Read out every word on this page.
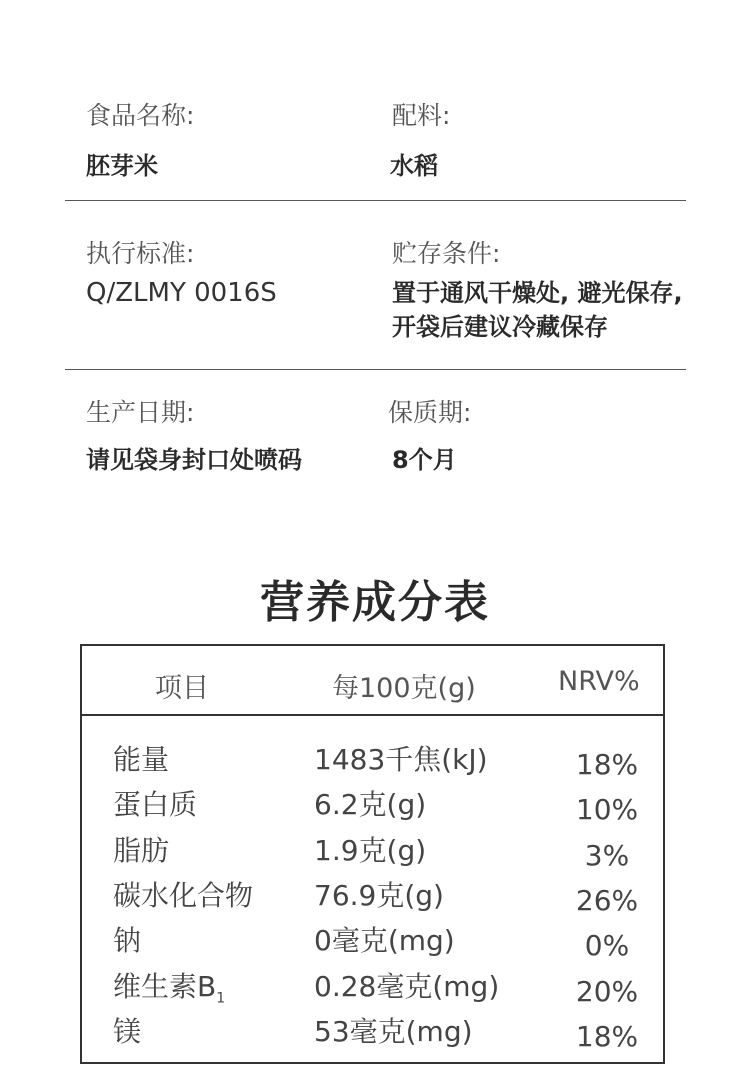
食品名称:
胚芽米
配料:
水稻
执行标准:
Q/ZLMY 0016S
贮存条件:
置于通风干燥处, 避光保存,
开袋后建议冷藏保存
生产日期:
请见袋身封口处喷码
保质期:
8个月
营养成分表
项目	每100克(g)	NRV%
能量	1483千焦(kJ)	18%
蛋白质	6.2克(g)	10%
脂肪	1.9克(g)	3%
碳水化合物 76.9克(g)	26%
钠	0毫克(mg)	0%
维生素$B_1$	0.28毫克(mg)	20%
镁	53毫克(mg)	18%
